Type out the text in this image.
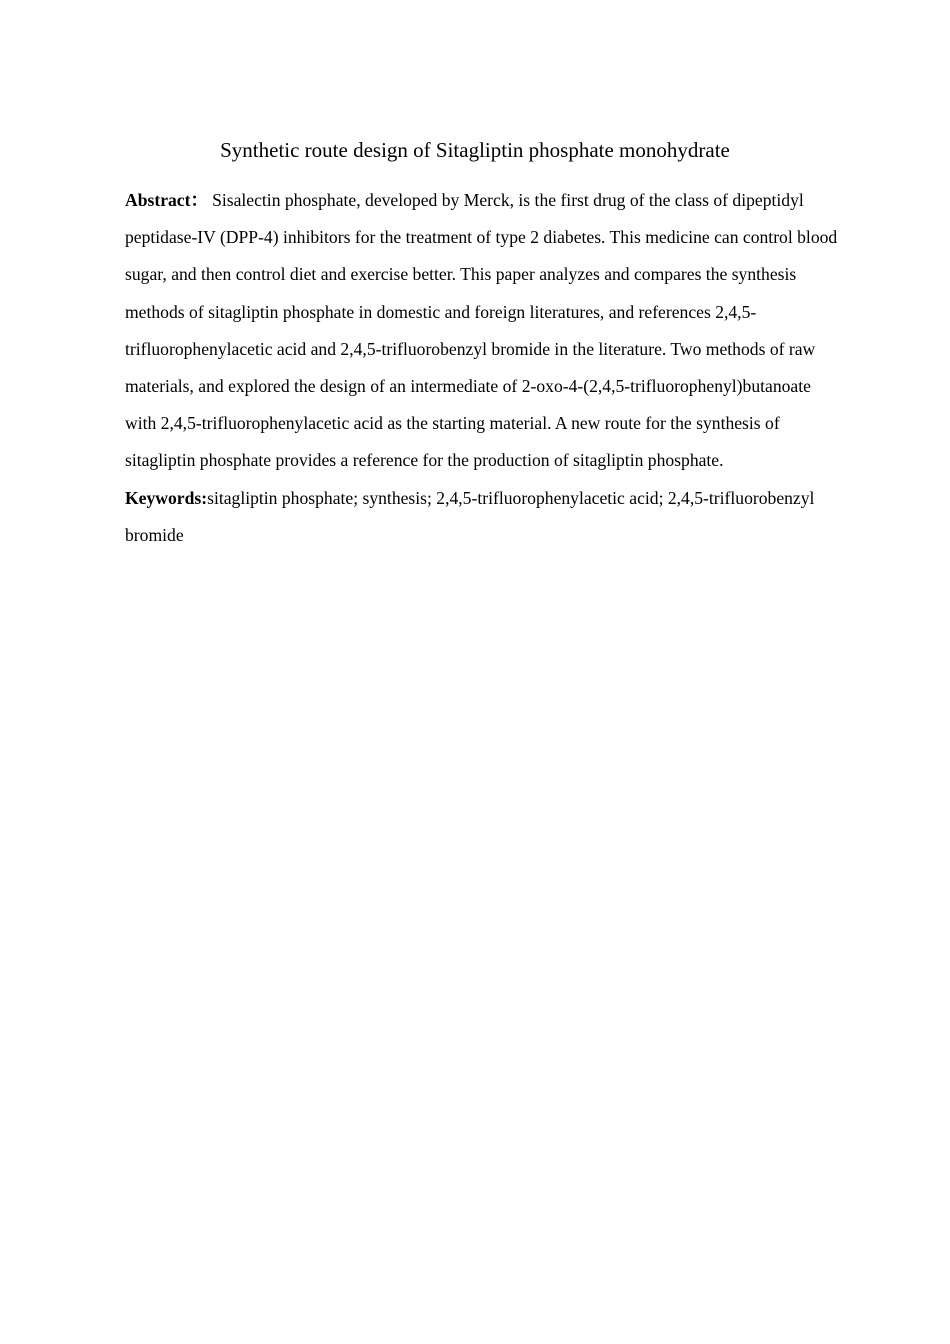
Synthetic route design of Sitagliptin phosphate monohydrate

Abstract： Sisalectin phosphate, developed by Merck, is the first drug of the class of dipeptidyl peptidase-IV (DPP-4) inhibitors for the treatment of type 2 diabetes. This medicine can control blood sugar, and then control diet and exercise better. This paper analyzes and compares the synthesis methods of sitagliptin phosphate in domestic and foreign literatures, and references 2,4,5-trifluorophenylacetic acid and 2,4,5-trifluorobenzyl bromide in the literature. Two methods of raw materials, and explored the design of an intermediate of 2-oxo-4-(2,4,5-trifluorophenyl)butanoate with 2,4,5-trifluorophenylacetic acid as the starting material. A new route for the synthesis of sitagliptin phosphate provides a reference for the production of sitagliptin phosphate.

Keywords:sitagliptin phosphate; synthesis; 2,4,5-trifluorophenylacetic acid; 2,4,5-trifluorobenzyl bromide
